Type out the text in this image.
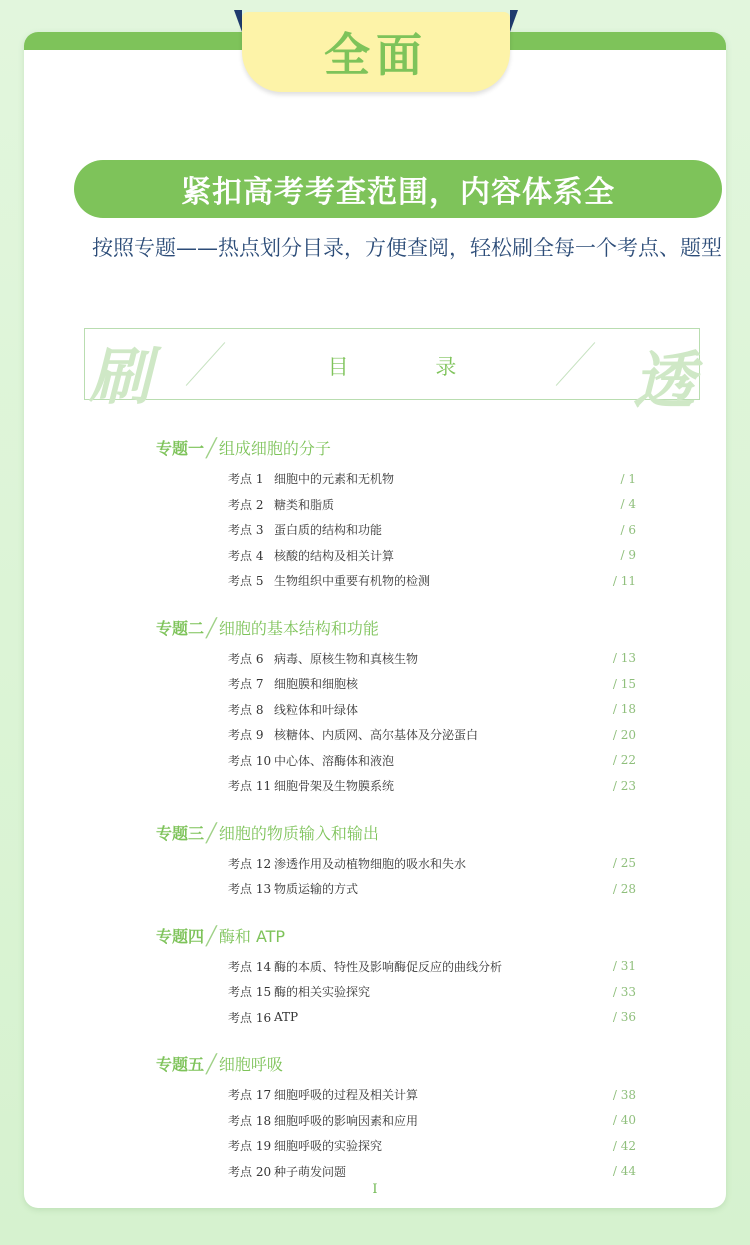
紧扣高考考查范围，内容体系全
按照专题——热点划分目录，方便查阅，轻松刷全每一个考点、题型
刷	透
目 录
专题一 ╱ 组成细胞的分子
考点 1 细胞中的元素和无机物	/ 1
考点 2 糖类和脂质	/ 4
考点 3 蛋白质的结构和功能	/ 6
考点 4 核酸的结构及相关计算	/ 9
考点 5 生物组织中重要有机物的检测	/ 11
专题二 ╱ 细胞的基本结构和功能
考点 6 病毒、原核生物和真核生物	/ 13
考点 7 细胞膜和细胞核	/ 15
考点 8 线粒体和叶绿体	/ 18
考点 9 核糖体、内质网、高尔基体及分泌蛋白	/ 20
考点 10 中心体、溶酶体和液泡	/ 22
考点 11 细胞骨架及生物膜系统	/ 23
专题三 ╱ 细胞的物质输入和输出
考点 12 渗透作用及动植物细胞的吸水和失水	/ 25
考点 13 物质运输的方式	/ 28
专题四 ╱ 酶和 ATP
考点 14 酶的本质、特性及影响酶促反应的曲线分析	/ 31
考点 15 酶的相关实验探究	/ 33
考点 16 ATP	/ 36
专题五 ╱ 细胞呼吸
考点 17 细胞呼吸的过程及相关计算	/ 38
考点 18 细胞呼吸的影响因素和应用	/ 40
考点 19 细胞呼吸的实验探究	/ 42
考点 20 种子萌发问题	/ 44
I
全面
